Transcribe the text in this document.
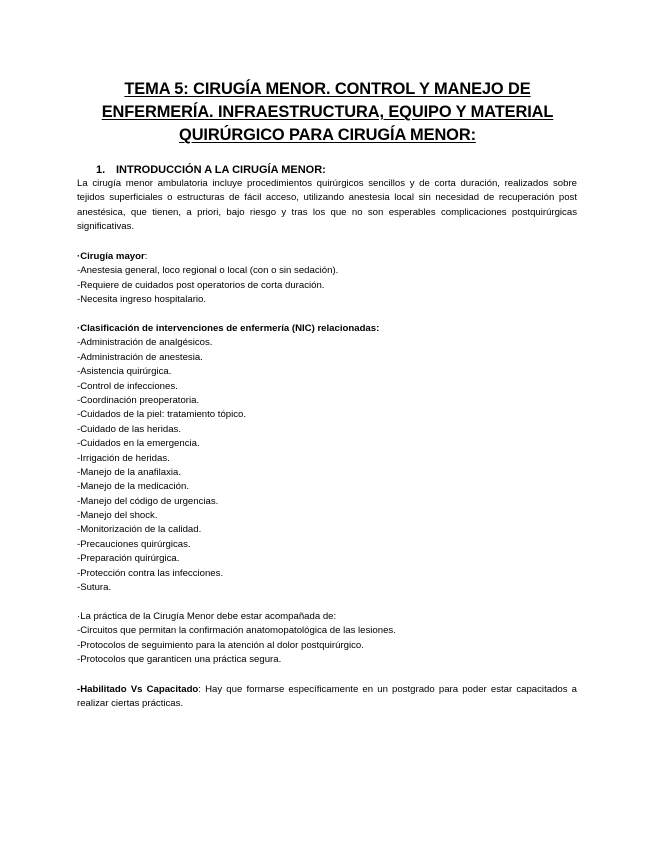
TEMA 5: CIRUGÍA MENOR. CONTROL Y MANEJO DE
ENFERMERÍA. INFRAESTRUCTURA, EQUIPO Y MATERIAL
QUIRÚRGICO PARA CIRUGÍA MENOR:
1. INTRODUCCIÓN A LA CIRUGÍA MENOR:
La cirugía menor ambulatoria incluye procedimientos quirúrgicos sencillos y de corta duración, realizados sobre tejidos superficiales o estructuras de fácil acceso, utilizando anestesia local sin necesidad de recuperación post anestésica, que tienen, a priori, bajo riesgo y tras los que no son esperables complicaciones postquirúrgicas significativas.
·Cirugía mayor:
-Anestesia general, loco regional o local (con o sin sedación).
-Requiere de cuidados post operatorios de corta duración.
-Necesita ingreso hospitalario.
·Clasificación de intervenciones de enfermería (NIC) relacionadas:
-Administración de analgésicos.
-Administración de anestesia.
-Asistencia quirúrgica.
-Control de infecciones.
-Coordinación preoperatoria.
-Cuidados de la piel: tratamiento tópico.
-Cuidado de las heridas.
-Cuidados en la emergencia.
-Irrigación de heridas.
-Manejo de la anafilaxia.
-Manejo de la medicación.
-Manejo del código de urgencias.
-Manejo del shock.
-Monitorización de la calidad.
-Precauciones quirúrgicas.
-Preparación quirúrgica.
-Protección contra las infecciones.
-Sutura.
·La práctica de la Cirugía Menor debe estar acompañada de:
-Circuitos que permitan la confirmación anatomopatológica de las lesiones.
-Protocolos de seguimiento para la atención al dolor postquirúrgico.
-Protocolos que garanticen una práctica segura.
-Habilitado Vs Capacitado: Hay que formarse específicamente en un postgrado para poder estar capacitados a realizar ciertas prácticas.
